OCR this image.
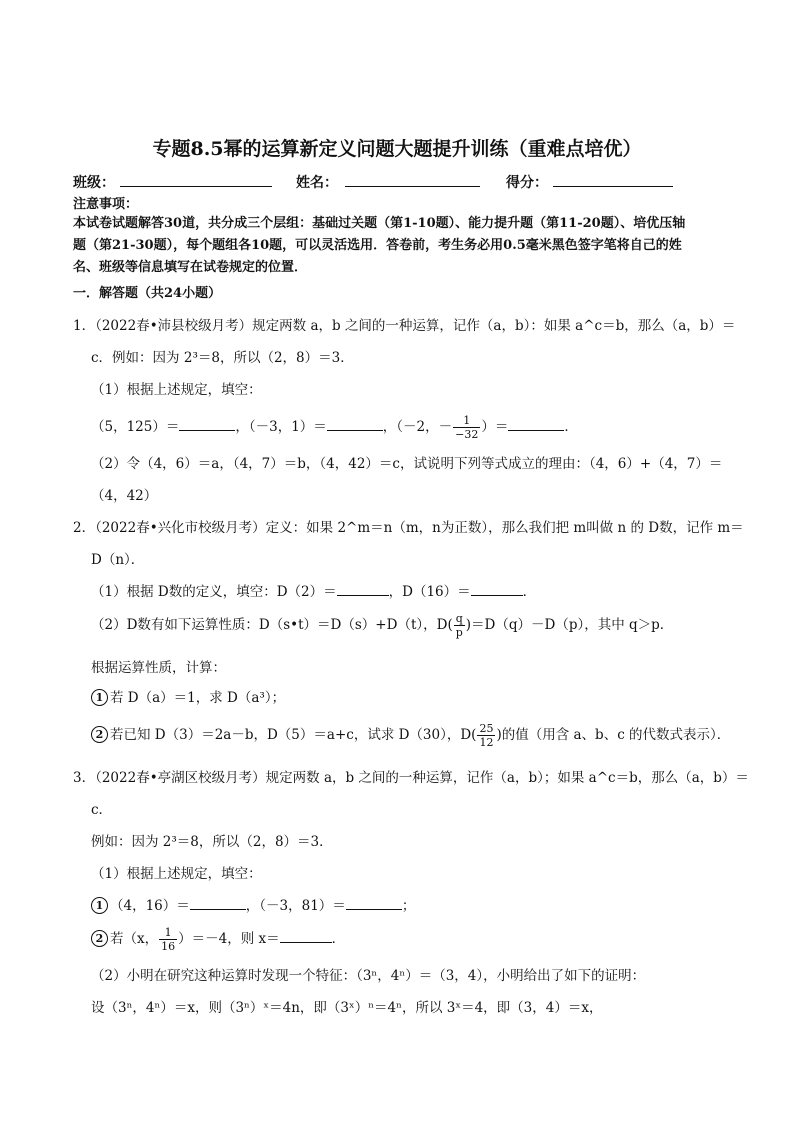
专题8.5幂的运算新定义问题大题提升训练（重难点培优）
班级：	姓名：	得分：
注意事项：
本试卷试题解答30道，共分成三个层组：基础过关题（第1-10题）、能力提升题（第11-20题）、培优压轴
题（第21-30题），每个题组各10题，可以灵活选用．答卷前，考生务必用0.5毫米黑色签字笔将自己的姓
名、班级等信息填写在试卷规定的位置．
一．解答题（共24小题）
1．（2022春•沛县校级月考）规定两数 a，b 之间的一种运算，记作（a，b）：如果 a^c＝b，那么（a，b）＝
c．例如：因为 2³＝8，所以（2，8）＝3．
（1）根据上述规定，填空：
（5，125）＝	，（－3，1）＝	，（－2，－ $\frac{1}{-32}$ ）＝	．
（2）令（4，6）＝a，（4，7）＝b，（4，42）＝c，试说明下列等式成立的理由：（4，6）+（4，7）＝
（4，42）
2．（2022春•兴化市校级月考）定义：如果 2^m＝n（m，n为正数），那么我们把 m叫做 n 的 D数，记作 m＝
D（n）．
（1）根据 D数的定义，填空：D（2）＝	，D（16）＝	．
（2）D数有如下运算性质：D（s•t）＝D（s）+D（t），$D( \frac{q}{p} )=D(q)-D(p)$，其中 q＞p．
根据运算性质，计算：
1 若 D（a）＝1，求 D（a³）；
2 若已知 D（3）＝2a－b，D（5）＝a+c，试求 D（30），$D( \frac{25}{12}$ )的值（用含 a、b、c 的代数式表示）．
3．（2022春•亭湖区校级月考）规定两数 a，b 之间的一种运算，记作（a，b）；如果 a^c＝b，那么（a，b）＝
c．
例如：因为 2³＝8，所以（2，8）＝3．
（1）根据上述规定，填空：
1 （4，16）＝	，（－3，81）＝	；
2 若（x， $\frac{1}{16} )=-4$，则 x＝	．
（2）小明在研究这种运算时发现一个特征：（3ⁿ，4ⁿ）＝（3，4），小明给出了如下的证明：
设（3ⁿ，4ⁿ）＝x，则（3ⁿ）ˣ＝4n，即（3ˣ）ⁿ＝4ⁿ，所以 3ˣ＝4，即（3，4）＝x，
